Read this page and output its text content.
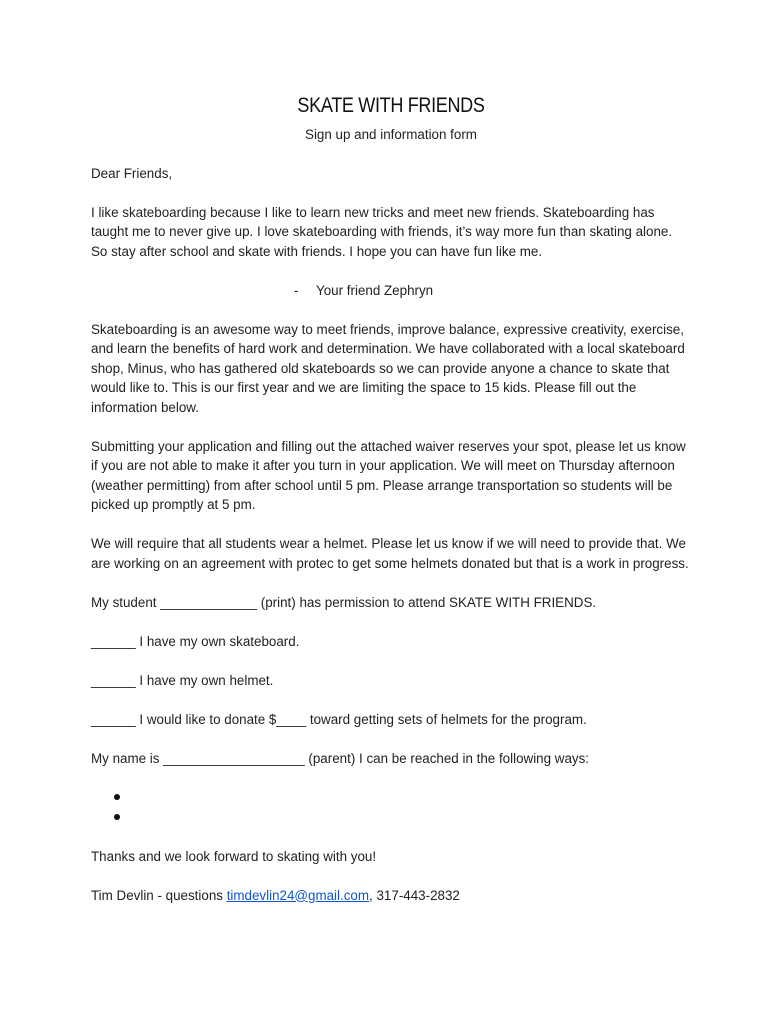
SKATE WITH FRIENDS

Sign up and information form

Dear Friends,

I like skateboarding because I like to learn new tricks and meet new friends. Skateboarding has taught me to never give up. I love skateboarding with friends, it’s way more fun than skating alone. So stay after school and skate with friends. I hope you can have fun like me.

- Your friend Zephryn

Skateboarding is an awesome way to meet friends, improve balance, expressive creativity, exercise, and learn the benefits of hard work and determination. We have collaborated with a local skateboard shop, Minus, who has gathered old skateboards so we can provide anyone a chance to skate that would like to. This is our first year and we are limiting the space to 15 kids. Please fill out the information below.

Submitting your application and filling out the attached waiver reserves your spot, please let us know if you are not able to make it after you turn in your application. We will meet on Thursday afternoon (weather permitting) from after school until 5 pm. Please arrange transportation so students will be picked up promptly at 5 pm.

We will require that all students wear a helmet. Please let us know if we will need to provide that. We are working on an agreement with protec to get some helmets donated but that is a work in progress.

My student _____________ (print) has permission to attend SKATE WITH FRIENDS.

______ I have my own skateboard.

______ I have my own helmet.

______ I would like to donate $____ toward getting sets of helmets for the program.

My name is ___________________ (parent) I can be reached in the following ways:

Thanks and we look forward to skating with you!

Tim Devlin - questions timdevlin24@gmail.com, 317-443-2832
